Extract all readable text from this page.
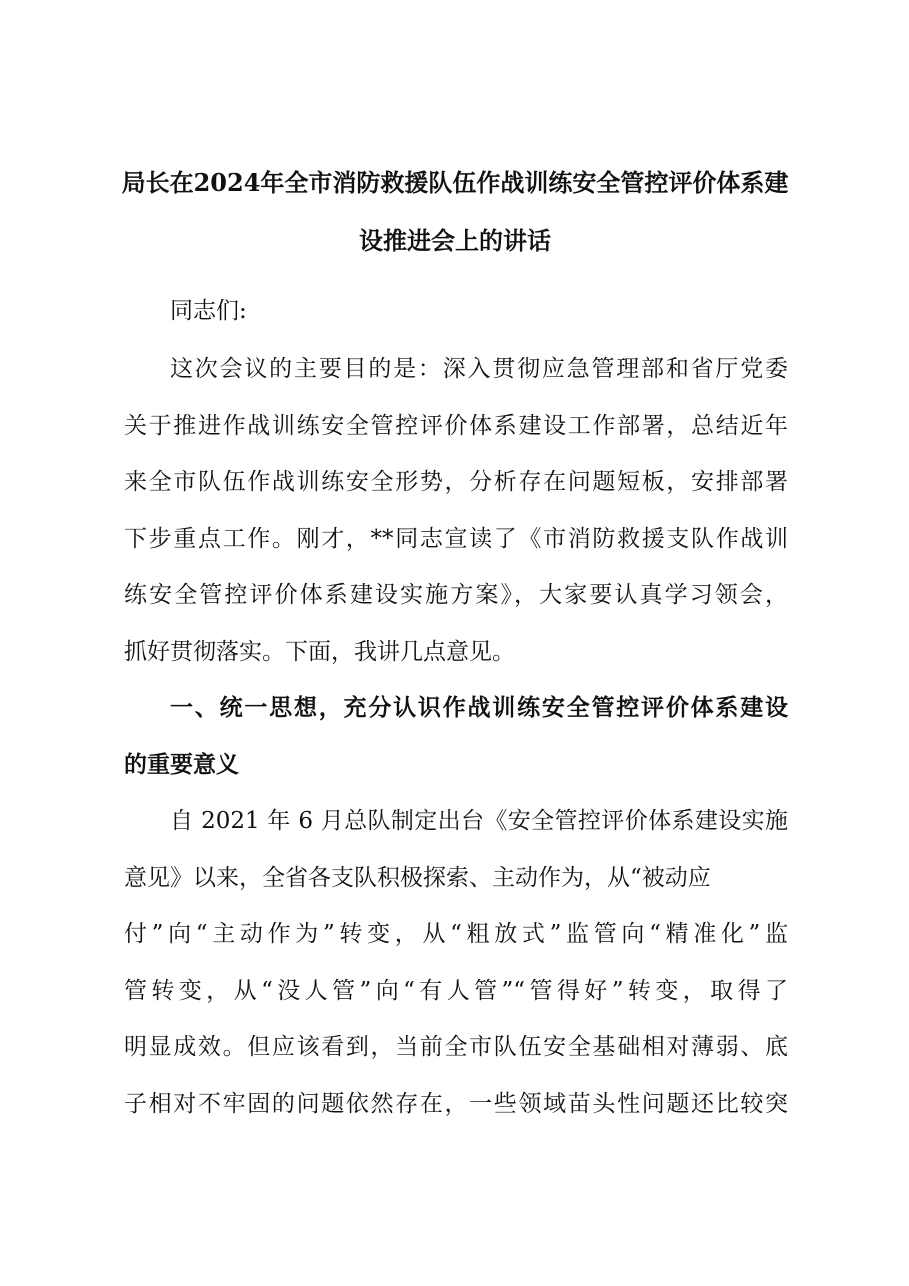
局长在2024年全市消防救援队伍作战训练安全管控评价体系建
设推进会上的讲话
同志们:
这次会议的主要目的是：深入贯彻应急管理部和省厅党委
关于推进作战训练安全管控评价体系建设工作部署，总结近年
来全市队伍作战训练安全形势，分析存在问题短板，安排部署
下步重点工作。刚才，**同志宣读了《市消防救援支队作战训
练安全管控评价体系建设实施方案》，大家要认真学习领会，
抓好贯彻落实。下面，我讲几点意见。
一、统一思想，充分认识作战训练安全管控评价体系建设
的重要意义
自 2021 年 6 月总队制定出台《安全管控评价体系建设实施
意见》以来，全省各支队积极探索、主动作为，从“被动应
付”向“主动作为”转变，从“粗放式”监管向“精准化”监
管转变，从“没人管”向“有人管”“管得好”转变，取得了
明显成效。但应该看到，当前全市队伍安全基础相对薄弱、底
子相对不牢固的问题依然存在，一些领域苗头性问题还比较突
